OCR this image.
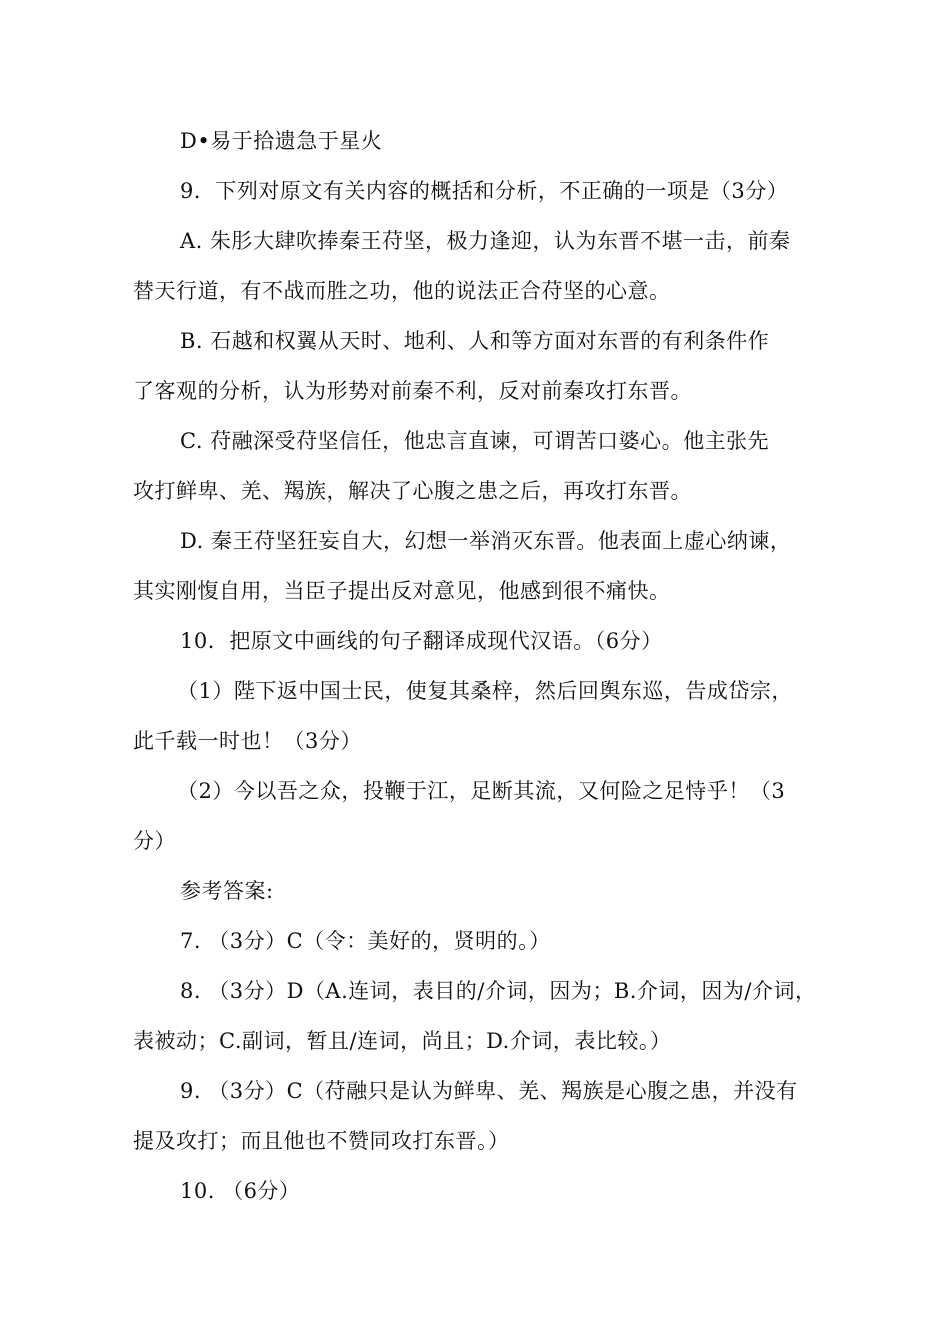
D•易于拾遗急于星火
9．下列对原文有关内容的概括和分析，不正确的一项是（3分）
A. 朱肜大肆吹捧秦王苻坚，极力逢迎，认为东晋不堪一击，前秦
替天行道，有不战而胜之功，他的说法正合苻坚的心意。
B. 石越和权翼从天时、地利、人和等方面对东晋的有利条件作
了客观的分析，认为形势对前秦不利，反对前秦攻打东晋。
C. 苻融深受苻坚信任，他忠言直谏，可谓苦口婆心。他主张先
攻打鲜卑、羌、羯族，解决了心腹之患之后，再攻打东晋。
D. 秦王苻坚狂妄自大，幻想一举消灭东晋。他表面上虚心纳谏，
其实刚愎自用，当臣子提出反对意见，他感到很不痛快。
10．把原文中画线的句子翻译成现代汉语。（6分）
（1）陛下返中国士民，使复其桑梓，然后回舆东巡，告成岱宗，
此千载一时也！（3分）
（2）今以吾之众，投鞭于江，足断其流，又何险之足恃乎！（3
分）
参考答案:
7. （3分）C（令：美好的，贤明的。）
8. （3分）D（A.连词，表目的/介词，因为；B.介词，因为/介词，
表被动；C.副词，暂且/连词，尚且；D.介词，表比较。）
9. （3分）C（苻融只是认为鲜卑、羌、羯族是心腹之患，并没有
提及攻打；而且他也不赞同攻打东晋。）
10. （6分）
